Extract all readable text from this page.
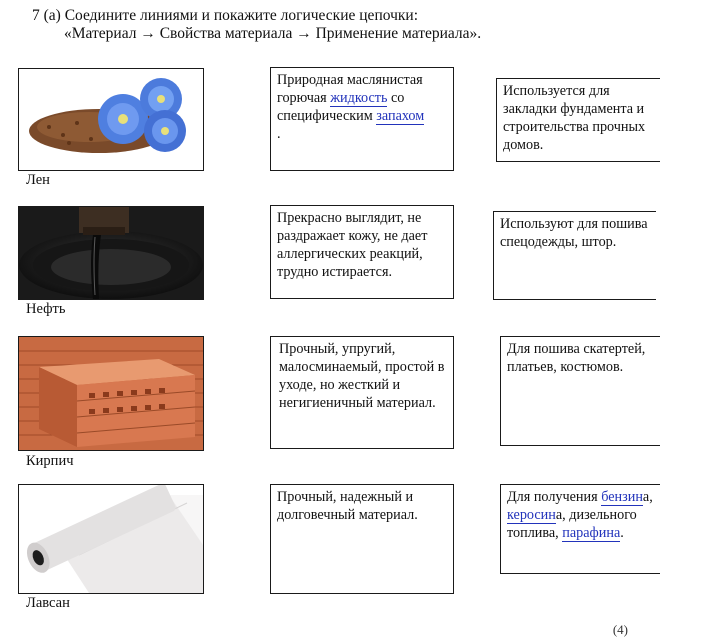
7 (а) Соедините линиями и покажите логические цепочки:
«Материал → Свойства материала → Применение материала».
Лен
Природная маслянистая горючая жидкость со специфическим запахом
.
Используется для закладки фундамента и строительства прочных домов.
Нефть
Прекрасно выглядит, не раздражает кожу, не дает аллергических реакций, трудно истирается.
Используют для пошива спецодежды, штор.
Кирпич
Прочный, упругий, малосминаемый, простой в уходе, но жесткий и негигиеничный материал.
Для пошива скатертей, платьев, костюмов.
Лавсан
Прочный, надежный и долговечный материал.
Для получения бензина, керосина, дизельного топлива, парафина.
(4)
